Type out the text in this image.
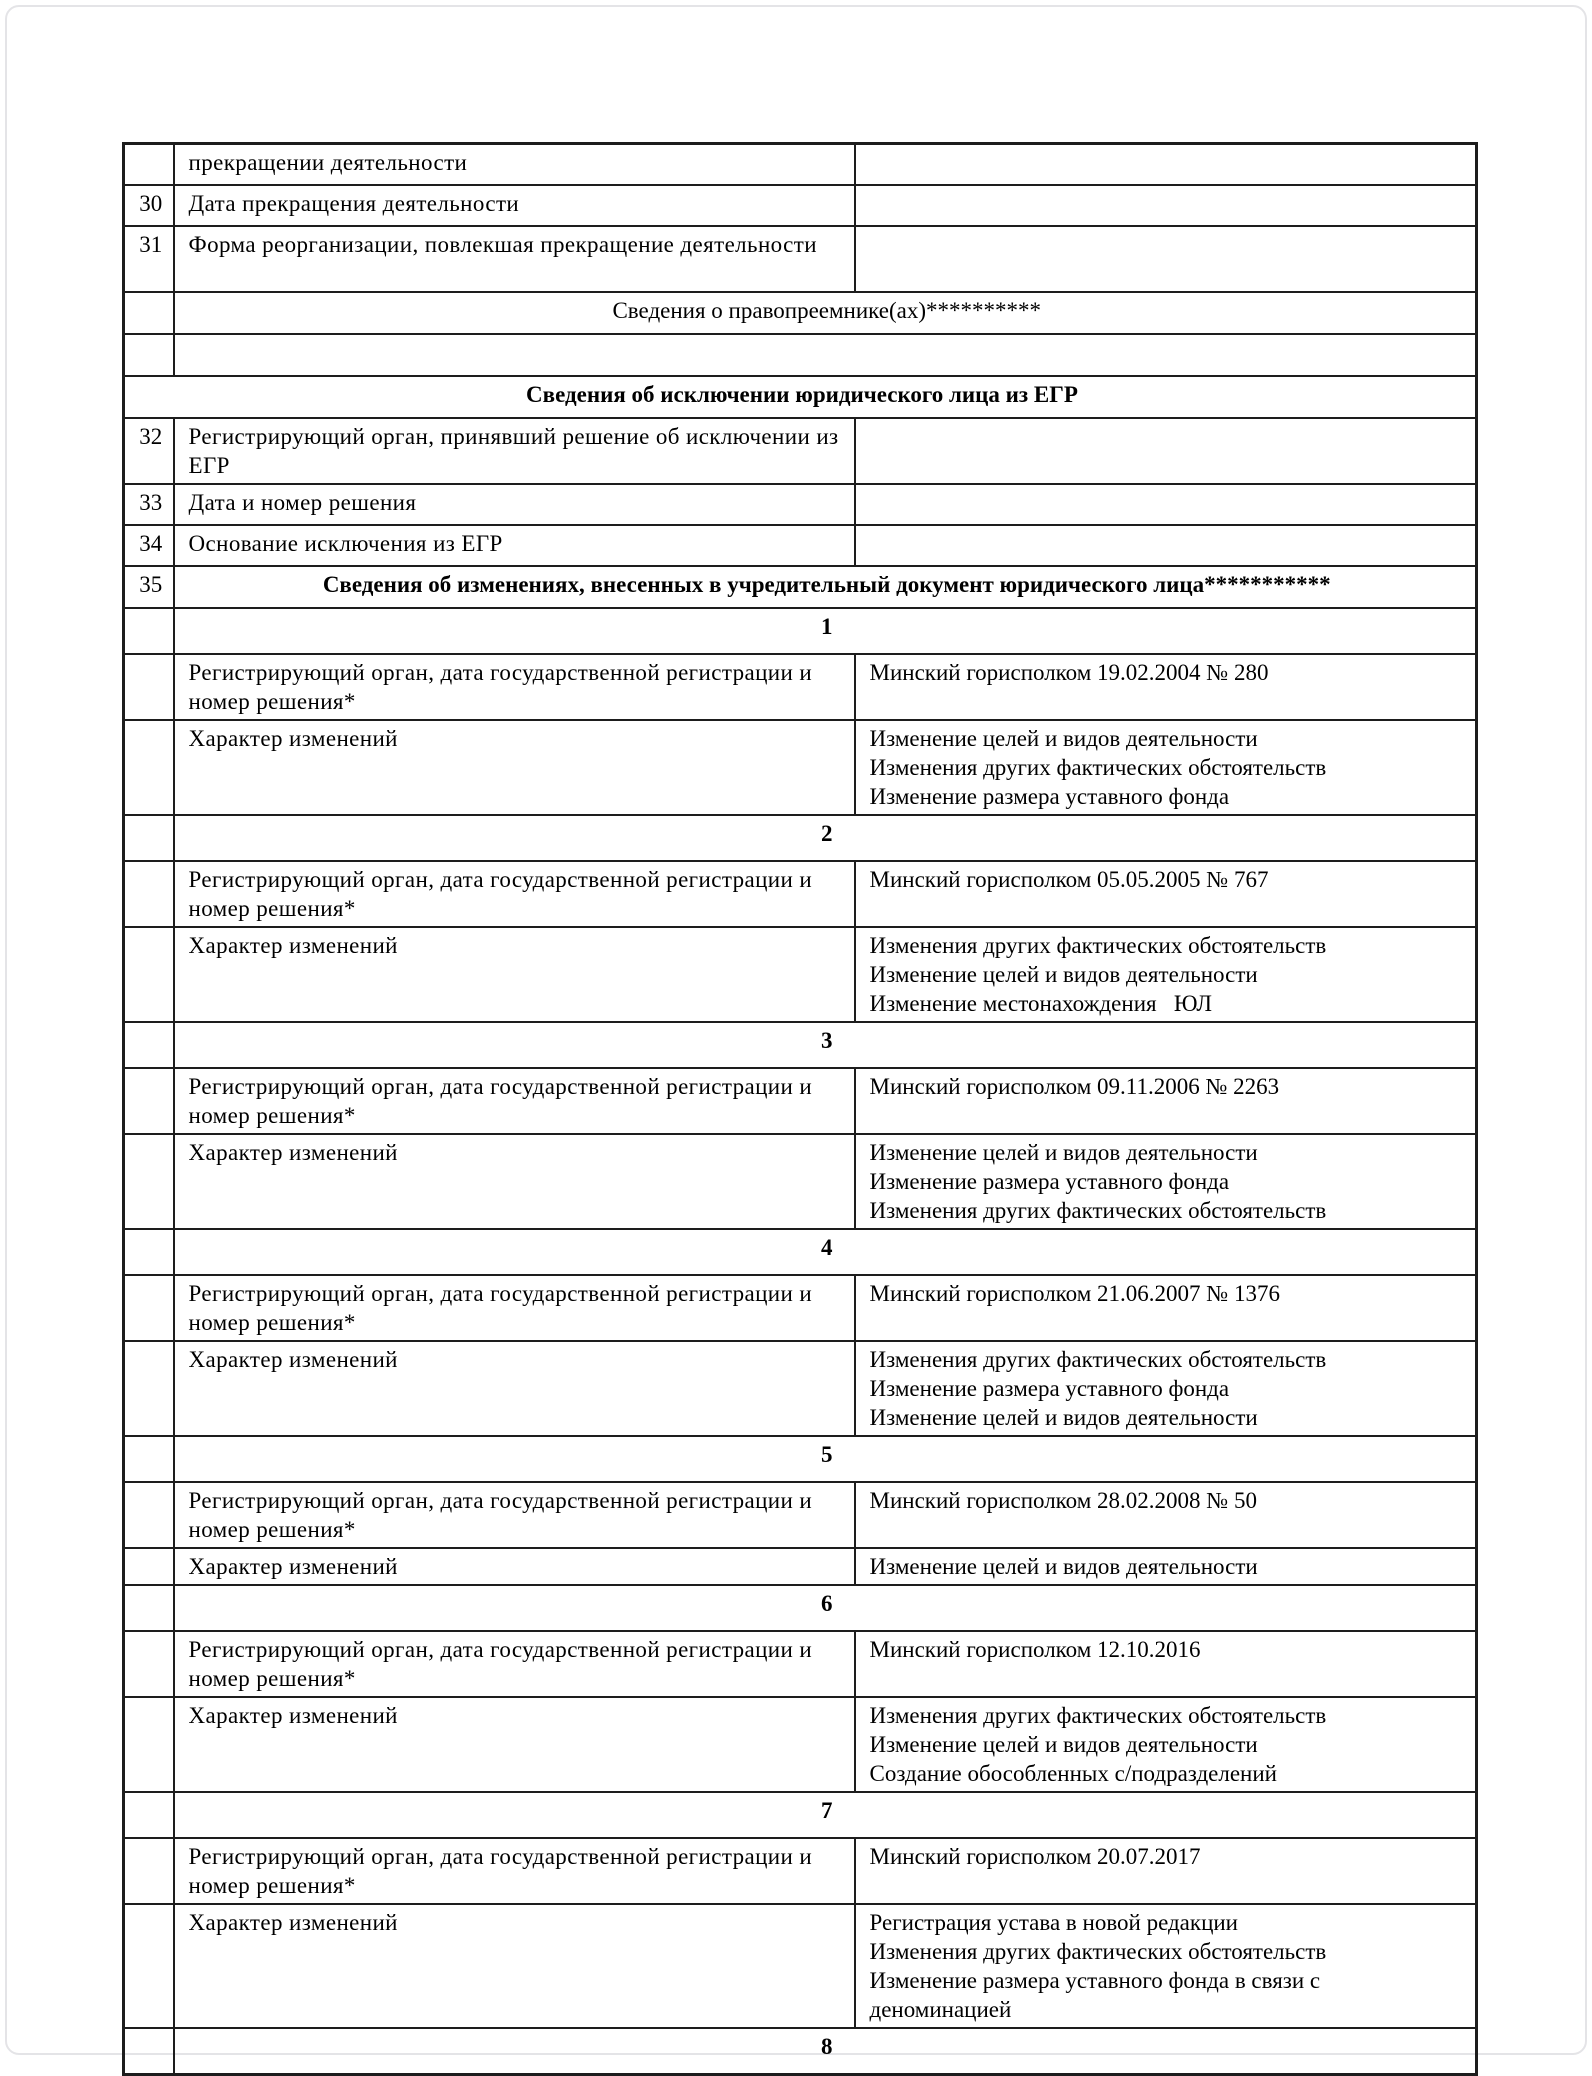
	прекращении деятельности	
30	Дата прекращения деятельности	
31	Форма реорганизации, повлекшая прекращение деятельности	
	Сведения о правопреемнике(ах)**********	

Сведения об исключении юридического лица из ЕГР		
32	Регистрирующий орган, принявший решение об исключении из ЕГР	
33	Дата и номер решения	
34	Основание исключения из ЕГР	
35	Сведения об изменениях, внесенных в учредительный документ юридического лица***********	
	1	
	Регистрирующий орган, дата государственной регистрации и номер решения*	Минский горисполком 19.02.2004 № 280
	Характер изменений	Изменение целей и видов деятельности
Изменения других фактических обстоятельств
Изменение размера уставного фонда

	2	
	Регистрирующий орган, дата государственной регистрации и номер решения*	Минский горисполком 05.05.2005 № 767
	Характер изменений	Изменения других фактических обстоятельств
Изменение целей и видов деятельности
Изменение местонахождения   ЮЛ

	3	
	Регистрирующий орган, дата государственной регистрации и номер решения*	Минский горисполком 09.11.2006 № 2263
	Характер изменений	Изменение целей и видов деятельности
Изменение размера уставного фонда
Изменения других фактических обстоятельств

	4	
	Регистрирующий орган, дата государственной регистрации и номер решения*	Минский горисполком 21.06.2007 № 1376
	Характер изменений	Изменения других фактических обстоятельств
Изменение размера уставного фонда
Изменение целей и видов деятельности

	5	
	Регистрирующий орган, дата государственной регистрации и номер решения*	Минский горисполком 28.02.2008 № 50
	Характер изменений	Изменение целей и видов деятельности

	6	
	Регистрирующий орган, дата государственной регистрации и номер решения*	Минский горисполком 12.10.2016
	Характер изменений	Изменения других фактических обстоятельств
Изменение целей и видов деятельности
Создание обособленных с/подразделений

	7	
	Регистрирующий орган, дата государственной регистрации и номер решения*	Минский горисполком 20.07.2017
	Характер изменений	Регистрация устава в новой редакции
Изменения других фактических обстоятельств
Изменение размера уставного фонда в связи с деноминацией

	8	
